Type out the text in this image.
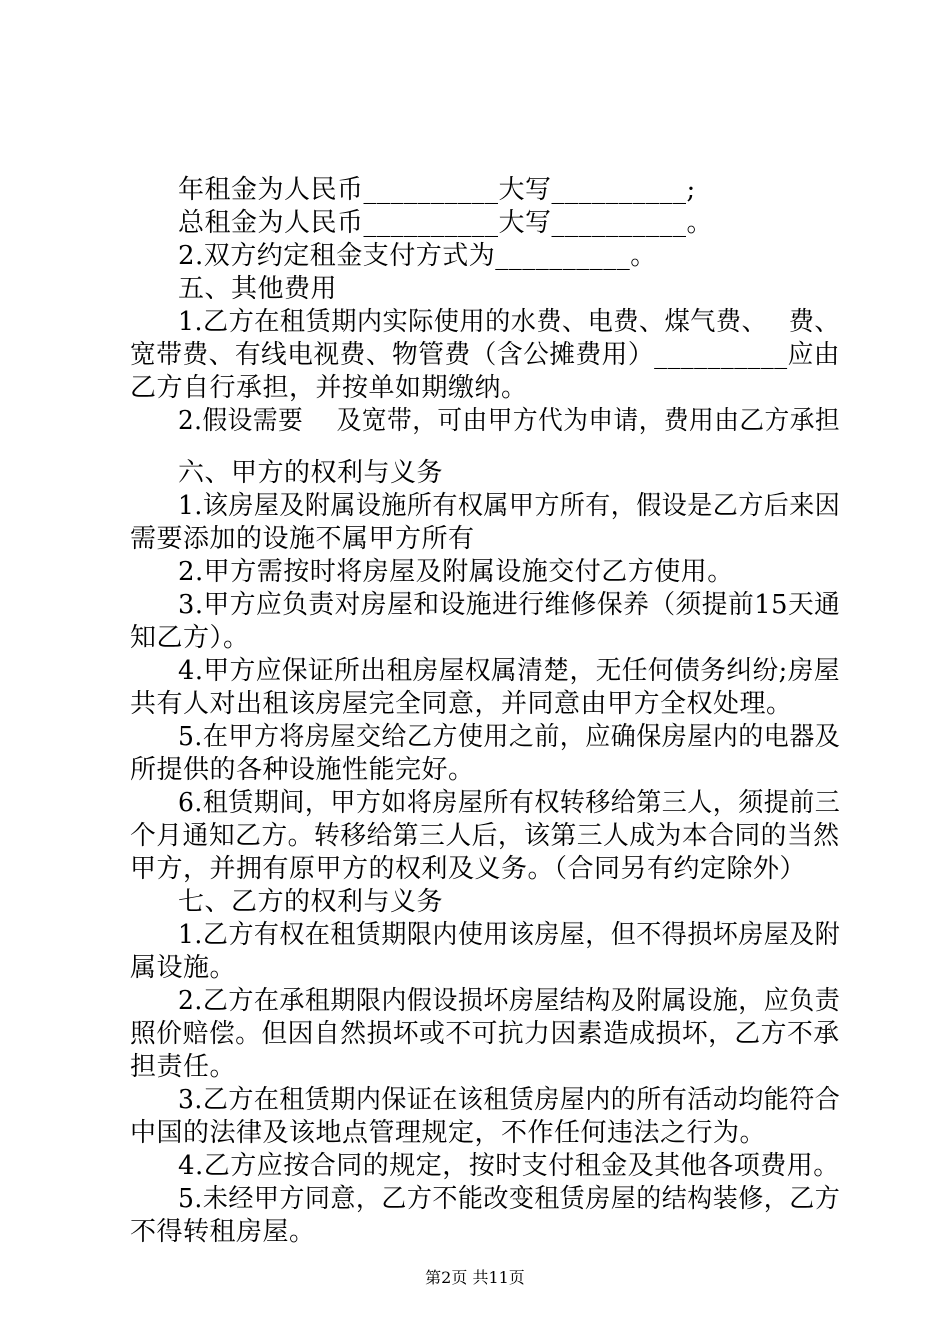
年租金为人民币__________大写__________;
总租金为人民币__________大写__________。
2.双方约定租金支付方式为__________。
五、其他费用
1.乙方在租赁期内实际使用的水费、电费、煤气费、　 费、
宽带费、有线电视费、物管费（含公摊费用）__________应由
乙方自行承担，并按单如期缴纳。
2.假设需要　 及宽带，可由甲方代为申请，费用由乙方承担
六、甲方的权利与义务
1.该房屋及附属设施所有权属甲方所有，假设是乙方后来因
需要添加的设施不属甲方所有
2.甲方需按时将房屋及附属设施交付乙方使用。
3.甲方应负责对房屋和设施进行维修保养（须提前15天通
知乙方）。
4.甲方应保证所出租房屋权属清楚，无任何债务纠纷;房屋
共有人对出租该房屋完全同意，并同意由甲方全权处理。
5.在甲方将房屋交给乙方使用之前，应确保房屋内的电器及
所提供的各种设施性能完好。
6.租赁期间，甲方如将房屋所有权转移给第三人，须提前三
个月通知乙方。转移给第三人后，该第三人成为本合同的当然
甲方，并拥有原甲方的权利及义务。（合同另有约定除外）
七、乙方的权利与义务
1.乙方有权在租赁期限内使用该房屋，但不得损坏房屋及附
属设施。
2.乙方在承租期限内假设损坏房屋结构及附属设施，应负责
照价赔偿。但因自然损坏或不可抗力因素造成损坏，乙方不承
担责任。
3.乙方在租赁期内保证在该租赁房屋内的所有活动均能符合
中国的法律及该地点管理规定，不作任何违法之行为。
4.乙方应按合同的规定，按时支付租金及其他各项费用。
5.未经甲方同意，乙方不能改变租赁房屋的结构装修，乙方
不得转租房屋。
第2页 共11页
